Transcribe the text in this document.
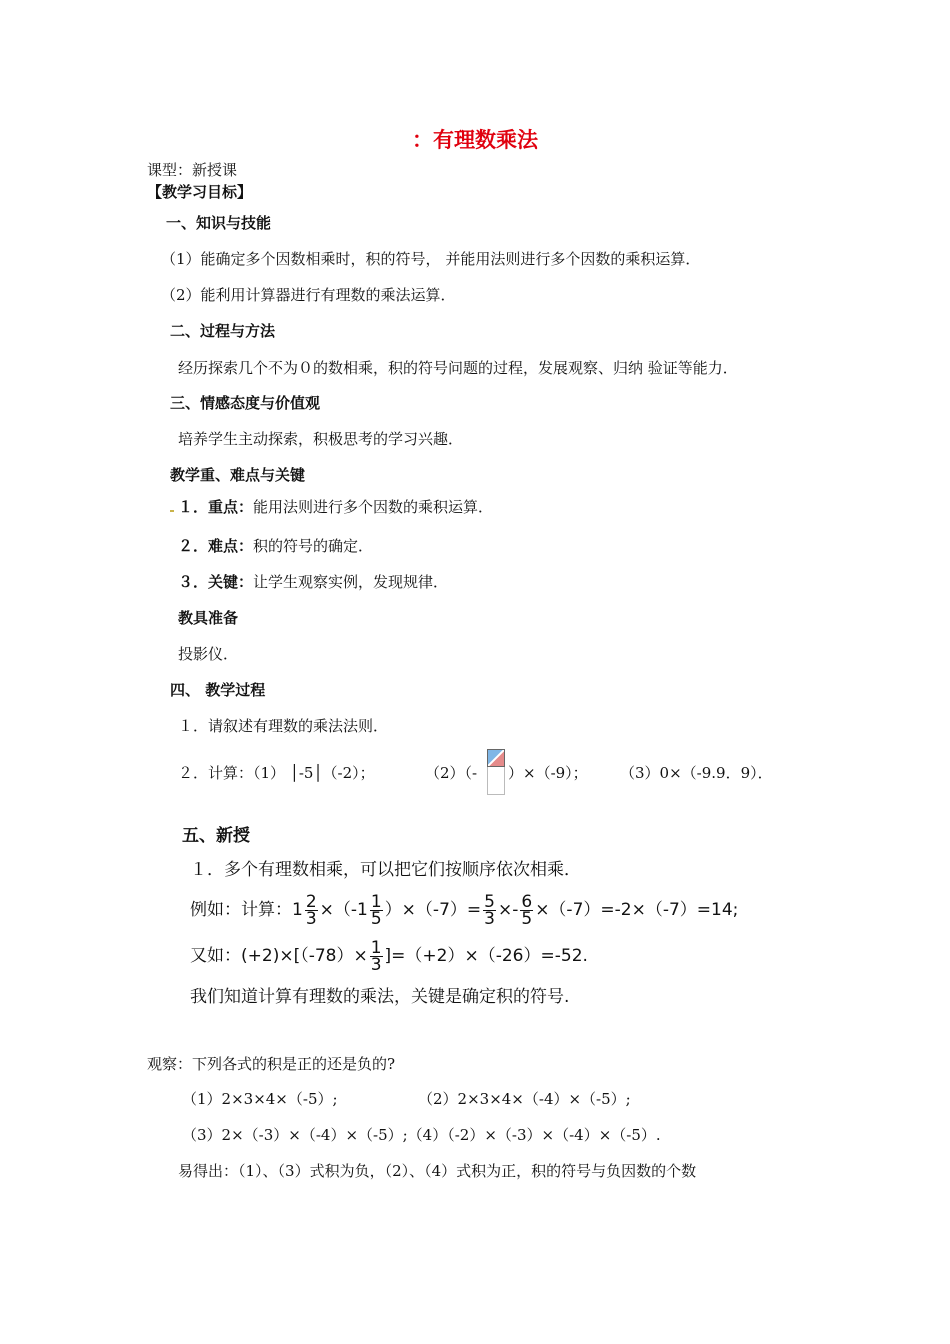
：有理数乘法
课型：新授课
【教学习目标】
一、知识与技能
（1）能确定多个因数相乘时，积的符号， 并能用法则进行多个因数的乘积运算．
（2）能利用计算器进行有理数的乘法运算．
二、过程与方法
经历探索几个不为０的数相乘，积的符号问题的过程，发展观察、归纳 验证等能力．
三、情感态度与价值观
培养学生主动探索，积极思考的学习兴趣．
教学重、难点与关键
１．重点：能用法则进行多个因数的乘积运算．
２．难点：积的符号的确定．
３．关键：让学生观察实例，发现规律．
教具准备
投影仪．
四、 教学过程
１．请叙述有理数的乘法法则．
２．计算：（1） │-5│（-2）；	（2）（- ）×（-9）； （3）0×（-9.9．9）．
五、新授
１．多个有理数相乘，可以把它们按顺序依次相乘．
例如：计算：$1 \frac{2}{3} \times(-1 \frac{1}{5} )\times(-7)= \frac{5}{3} \times- \frac{6}{5} \times(-7)=-2\times(-7)=14$;
又如：$(+2)\times[(-78)\times \frac{1}{3} ]=(+2)\times(-26)=-52$.
我们知道计算有理数的乘法，关键是确定积的符号.
观察：下列各式的积是正的还是负的?
（1）2×3×4×（-5）;	（2）2×3×4×（-4）×（-5）;
（3）2×（-3）×（-4）×（-5）;（4）（-2）×（-3）×（-4）×（-5）.
易得出：（1）、（3）式积为负，（2）、（4）式积为正，积的符号与负因数的个数
